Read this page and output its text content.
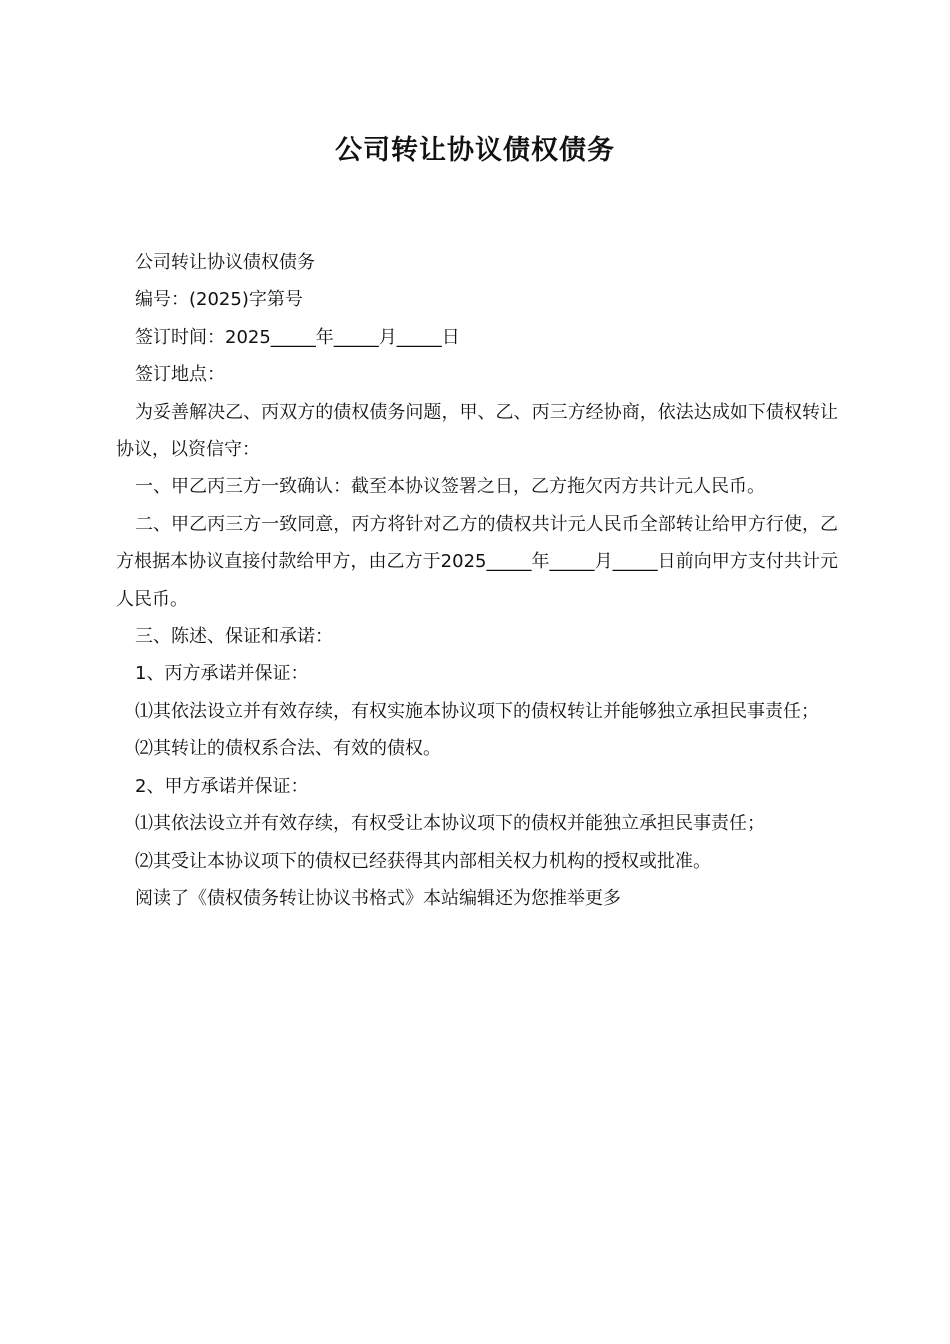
公司转让协议债权债务

公司转让协议债权债务

编号：(2025)字第号

签订时间：2025_____年_____月_____日

签订地点：

为妥善解决乙、丙双方的债权债务问题，甲、乙、丙三方经协商，依法达成如下债权转让协议，以资信守：

一、甲乙丙三方一致确认：截至本协议签署之日，乙方拖欠丙方共计元人民币。

二、甲乙丙三方一致同意，丙方将针对乙方的债权共计元人民币全部转让给甲方行使，乙方根据本协议直接付款给甲方，由乙方于2025_____年_____月_____日前向甲方支付共计元人民币。

三、陈述、保证和承诺：

1、丙方承诺并保证：

⑴其依法设立并有效存续，有权实施本协议项下的债权转让并能够独立承担民事责任；

⑵其转让的债权系合法、有效的债权。

2、甲方承诺并保证：

⑴其依法设立并有效存续，有权受让本协议项下的债权并能独立承担民事责任；

⑵其受让本协议项下的债权已经获得其内部相关权力机构的授权或批准。

阅读了《债权债务转让协议书格式》本站编辑还为您推举更多
